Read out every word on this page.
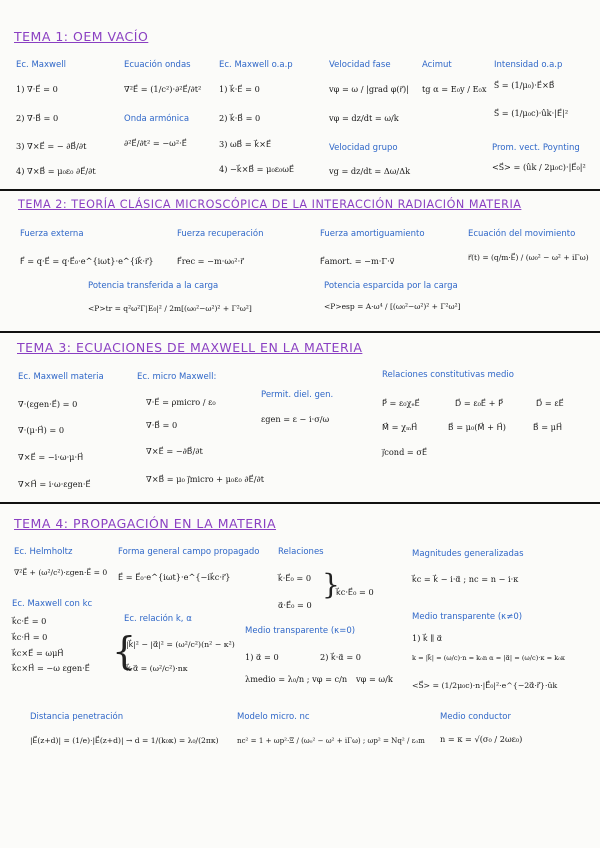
TEMA 1: OEM VACÍO
Ec. Maxwell
1) ∇·E⃗ = 0
2) ∇·B⃗ = 0
3) ∇×E⃗ = − ∂B⃗/∂t
4) ∇×B⃗ = μ₀ε₀ ∂E⃗/∂t
Ecuación ondas
∇²E⃗ = (1/c²)·∂²E⃗/∂t²
Onda armónica
∂²E⃗/∂t² = −ω²·E⃗
Ec. Maxwell o.a.p
1) k⃗·E⃗ = 0
2) k⃗·B⃗ = 0
3) ωB⃗ = k⃗×E⃗
4) −k⃗×B⃗ = μ₀ε₀ωE⃗
Velocidad fase
vφ = ω / |grad φ(r⃗)|
vφ = dz/dt = ω/k
Velocidad grupo
vg = dz/dt = Δω/Δk
Acimut
tg α = E₀y / E₀x
Intensidad o.a.p
S⃗ = (1/μ₀)·E⃗×B⃗
S⃗ = (1/μ₀c)·ûk·|E⃗|²
Prom. vect. Poynting
<S⃗> = (ûk / 2μ₀c)·|E⃗₀|²
TEMA 2: TEORÍA CLÁSICA MICROSCÓPICA DE LA INTERACCIÓN RADIACIÓN MATERIA
Fuerza externa
F⃗ = q·E⃗ = q·E⃗₀·e^{iωt}·e^{ik⃗·r⃗}
Fuerza recuperación
F⃗rec = −m·ω₀²·r⃗
Fuerza amortiguamiento
F⃗amort. = −m·Γ·v⃗
Ecuación del movimiento
r⃗(t) = (q/m·E⃗) / (ω₀² − ω² + iΓω)
Potencia transferida a la carga
<P>tr = q²ω²Γ|E₀|² / 2m[(ω₀²−ω²)² + Γ²ω²]
Potencia esparcida por la carga
<P>esp = A·ω⁴ / [(ω₀²−ω²)² + Γ²ω²]
TEMA 3: ECUACIONES DE MAXWELL EN LA MATERIA
Ec. Maxwell materia
∇·(εgen·E⃗) = 0
∇·(μ·H⃗) = 0
∇×E⃗ = −i·ω·μ·H⃗
∇×H⃗ = i·ω·εgen·E⃗
Ec. micro Maxwell:
∇·E⃗ = ρmicro / ε₀
∇·B⃗ = 0
∇×E⃗ = −∂B⃗/∂t
∇×B⃗ = μ₀ j⃗micro + μ₀ε₀ ∂E⃗/∂t
Permit. diel. gen.
εgen = ε − i·σ/ω
Relaciones constitutivas medio
P⃗ = ε₀χₑE⃗	D⃗ = ε₀E⃗ + P⃗	D⃗ = εE⃗
M⃗ = χₘH⃗	B⃗ = μ₀(M⃗ + H⃗)	B⃗ = μH⃗
j⃗cond = σE⃗
TEMA 4: PROPAGACIÓN EN LA MATERIA
Ec. Helmholtz
∇²E⃗ + (ω²/c²)·εgen·E⃗ = 0
Forma general campo propagado
E⃗ = E⃗₀·e^{iωt}·e^{−ik⃗c·r⃗}
Relaciones
k⃗·E⃗₀ = 0
α⃗·E⃗₀ = 0
}
k⃗c·E⃗₀ = 0
Magnitudes generalizadas
k⃗c = k⃗ − i·α⃗ ; nc = n − i·κ
Ec. Maxwell con kc
k⃗c·E⃗ = 0
k⃗c·H⃗ = 0
k⃗c×E⃗ = ωμH⃗
k⃗c×H⃗ = −ω εgen·E⃗
Ec. relación k, α
{
|k⃗|² − |α⃗|² = (ω²/c²)(n² − κ²)
k⃗·α⃗ = (ω²/c²)·nκ
Medio transparente (κ=0)
1) α⃗ = 0	2) k⃗·α⃗ = 0
λmedio = λ₀/n ; vφ = c/n vφ = ω/k
Medio transparente (κ≠0)
1) k⃗ ∥ α⃗
k = |k⃗| = (ω/c)·n = k₀n α = |α⃗| = (ω/c)·κ = k₀κ
<S⃗> = (1/2μ₀c)·n·|E⃗₀|²·e^{−2α⃗·r⃗}·ûk
Distancia penetración
|E⃗(z+d)| = (1/e)·|E⃗(z+d)| → d = 1/(k₀κ) = λ₀/(2πκ)
Modelo micro. nc
nc² = 1 + ωp²·Ξ / (ω₀² − ω² + iΓω) ; ωp² = Nq² / ε₀m
Medio conductor
n = κ = √(σ₀ / 2ωε₀)
